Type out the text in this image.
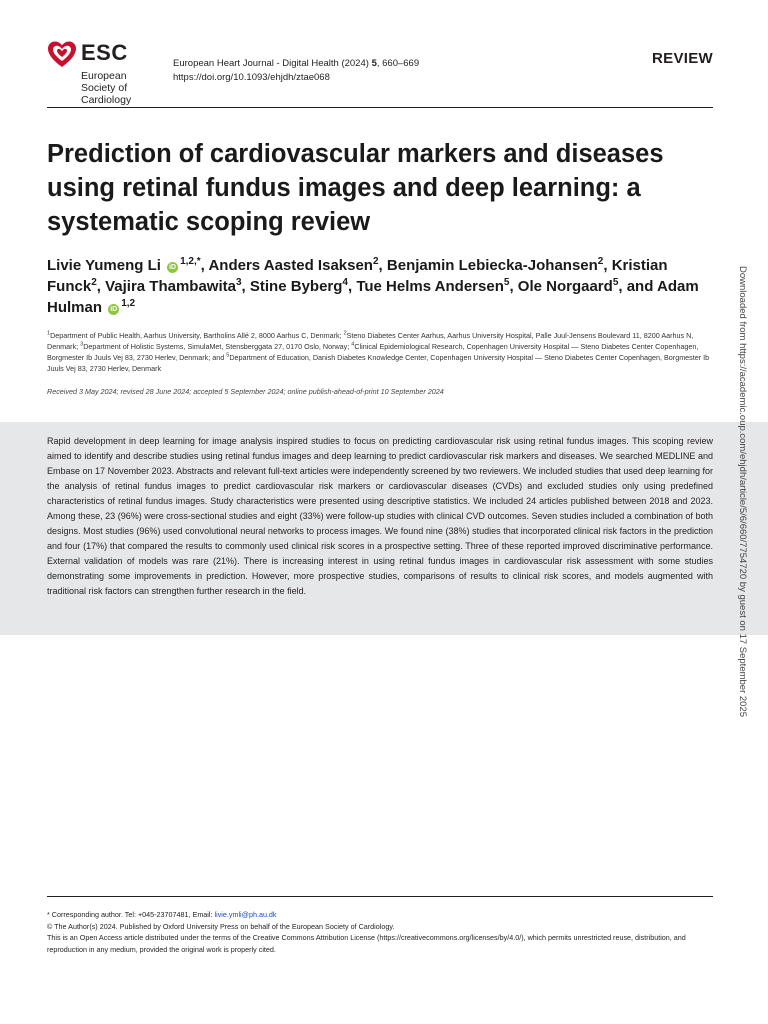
ESC
European Society of Cardiology
European Heart Journal - Digital Health (2024) 5, 660–669
https://doi.org/10.1093/ehjdh/ztae068
REVIEW
Prediction of cardiovascular markers and diseases using retinal fundus images and deep learning: a systematic scoping review
Livie Yumeng Li $iD^{1,2,*}$, Anders Aasted Isaksen$^2$, Benjamin Lebiecka-Johansen$^2$, Kristian Funck$^2$, Vajira Thambawita$^3$, Stine Byberg$^4$, Tue Helms Andersen$^5$, Ole Norgaard$^5$, and Adam Hulman iD$^{1,2}$
$^1$Department of Public Health, Aarhus University, Bartholins Allé 2, 8000 Aarhus C, Denmark; $^2$Steno Diabetes Center Aarhus, Aarhus University Hospital, Palle Juul-Jensens Boulevard 11, 8200 Aarhus N, Denmark; $^3$Department of Holistic Systems, SimulaMet, Stensberggata 27, 0170 Oslo, Norway; $^4$Clinical Epidemiological Research, Copenhagen University Hospital — Steno Diabetes Center Copenhagen, Borgmester Ib Juuls Vej 83, 2730 Herlev, Denmark; and $^5$Department of Education, Danish Diabetes Knowledge Center, Copenhagen University Hospital — Steno Diabetes Center Copenhagen, Borgmester Ib Juuls Vej 83, 2730 Herlev, Denmark
Received 3 May 2024; revised 28 June 2024; accepted 5 September 2024; online publish-ahead-of-print 10 September 2024
Rapid development in deep learning for image analysis inspired studies to focus on predicting cardiovascular risk using retinal fundus images. This scoping review aimed to identify and describe studies using retinal fundus images and deep learning to predict cardiovascular risk markers and diseases. We searched MEDLINE and Embase on 17 November 2023. Abstracts and relevant full-text articles were independently screened by two reviewers. We included studies that used deep learning for the analysis of retinal fundus images to predict cardiovascular risk markers or cardiovascular diseases (CVDs) and excluded studies only using predefined characteristics of retinal fundus images. Study characteristics were presented using descriptive statistics. We included 24 articles published between 2018 and 2023. Among these, 23 (96%) were cross-sectional studies and eight (33%) were follow-up studies with clinical CVD outcomes. Seven studies included a combination of both designs. Most studies (96%) used convolutional neural networks to process images. We found nine (38%) studies that incorporated clinical risk factors in the prediction and four (17%) that compared the results to commonly used clinical risk scores in a prospective setting. Three of these reported improved discriminative performance. External validation of models was rare (21%). There is increasing interest in using retinal fundus images in cardiovascular risk assessment with some studies demonstrating some improvements in prediction. However, more prospective studies, comparisons of results to clinical risk scores, and models augmented with traditional risk factors can strengthen further research in the field.	Downloaded from https://academic.oup.com/ehjdh/article/5/6/660/7754720 by guest on 17 September 2025
* Corresponding author. Tel: +045-23707481, Email: livie.ymli@ph.au.dk
© The Author(s) 2024. Published by Oxford University Press on behalf of the European Society of Cardiology.
This is an Open Access article distributed under the terms of the Creative Commons Attribution License (https://creativecommons.org/licenses/by/4.0/), which permits unrestricted reuse, distribution, and reproduction in any medium, provided the original work is properly cited.
